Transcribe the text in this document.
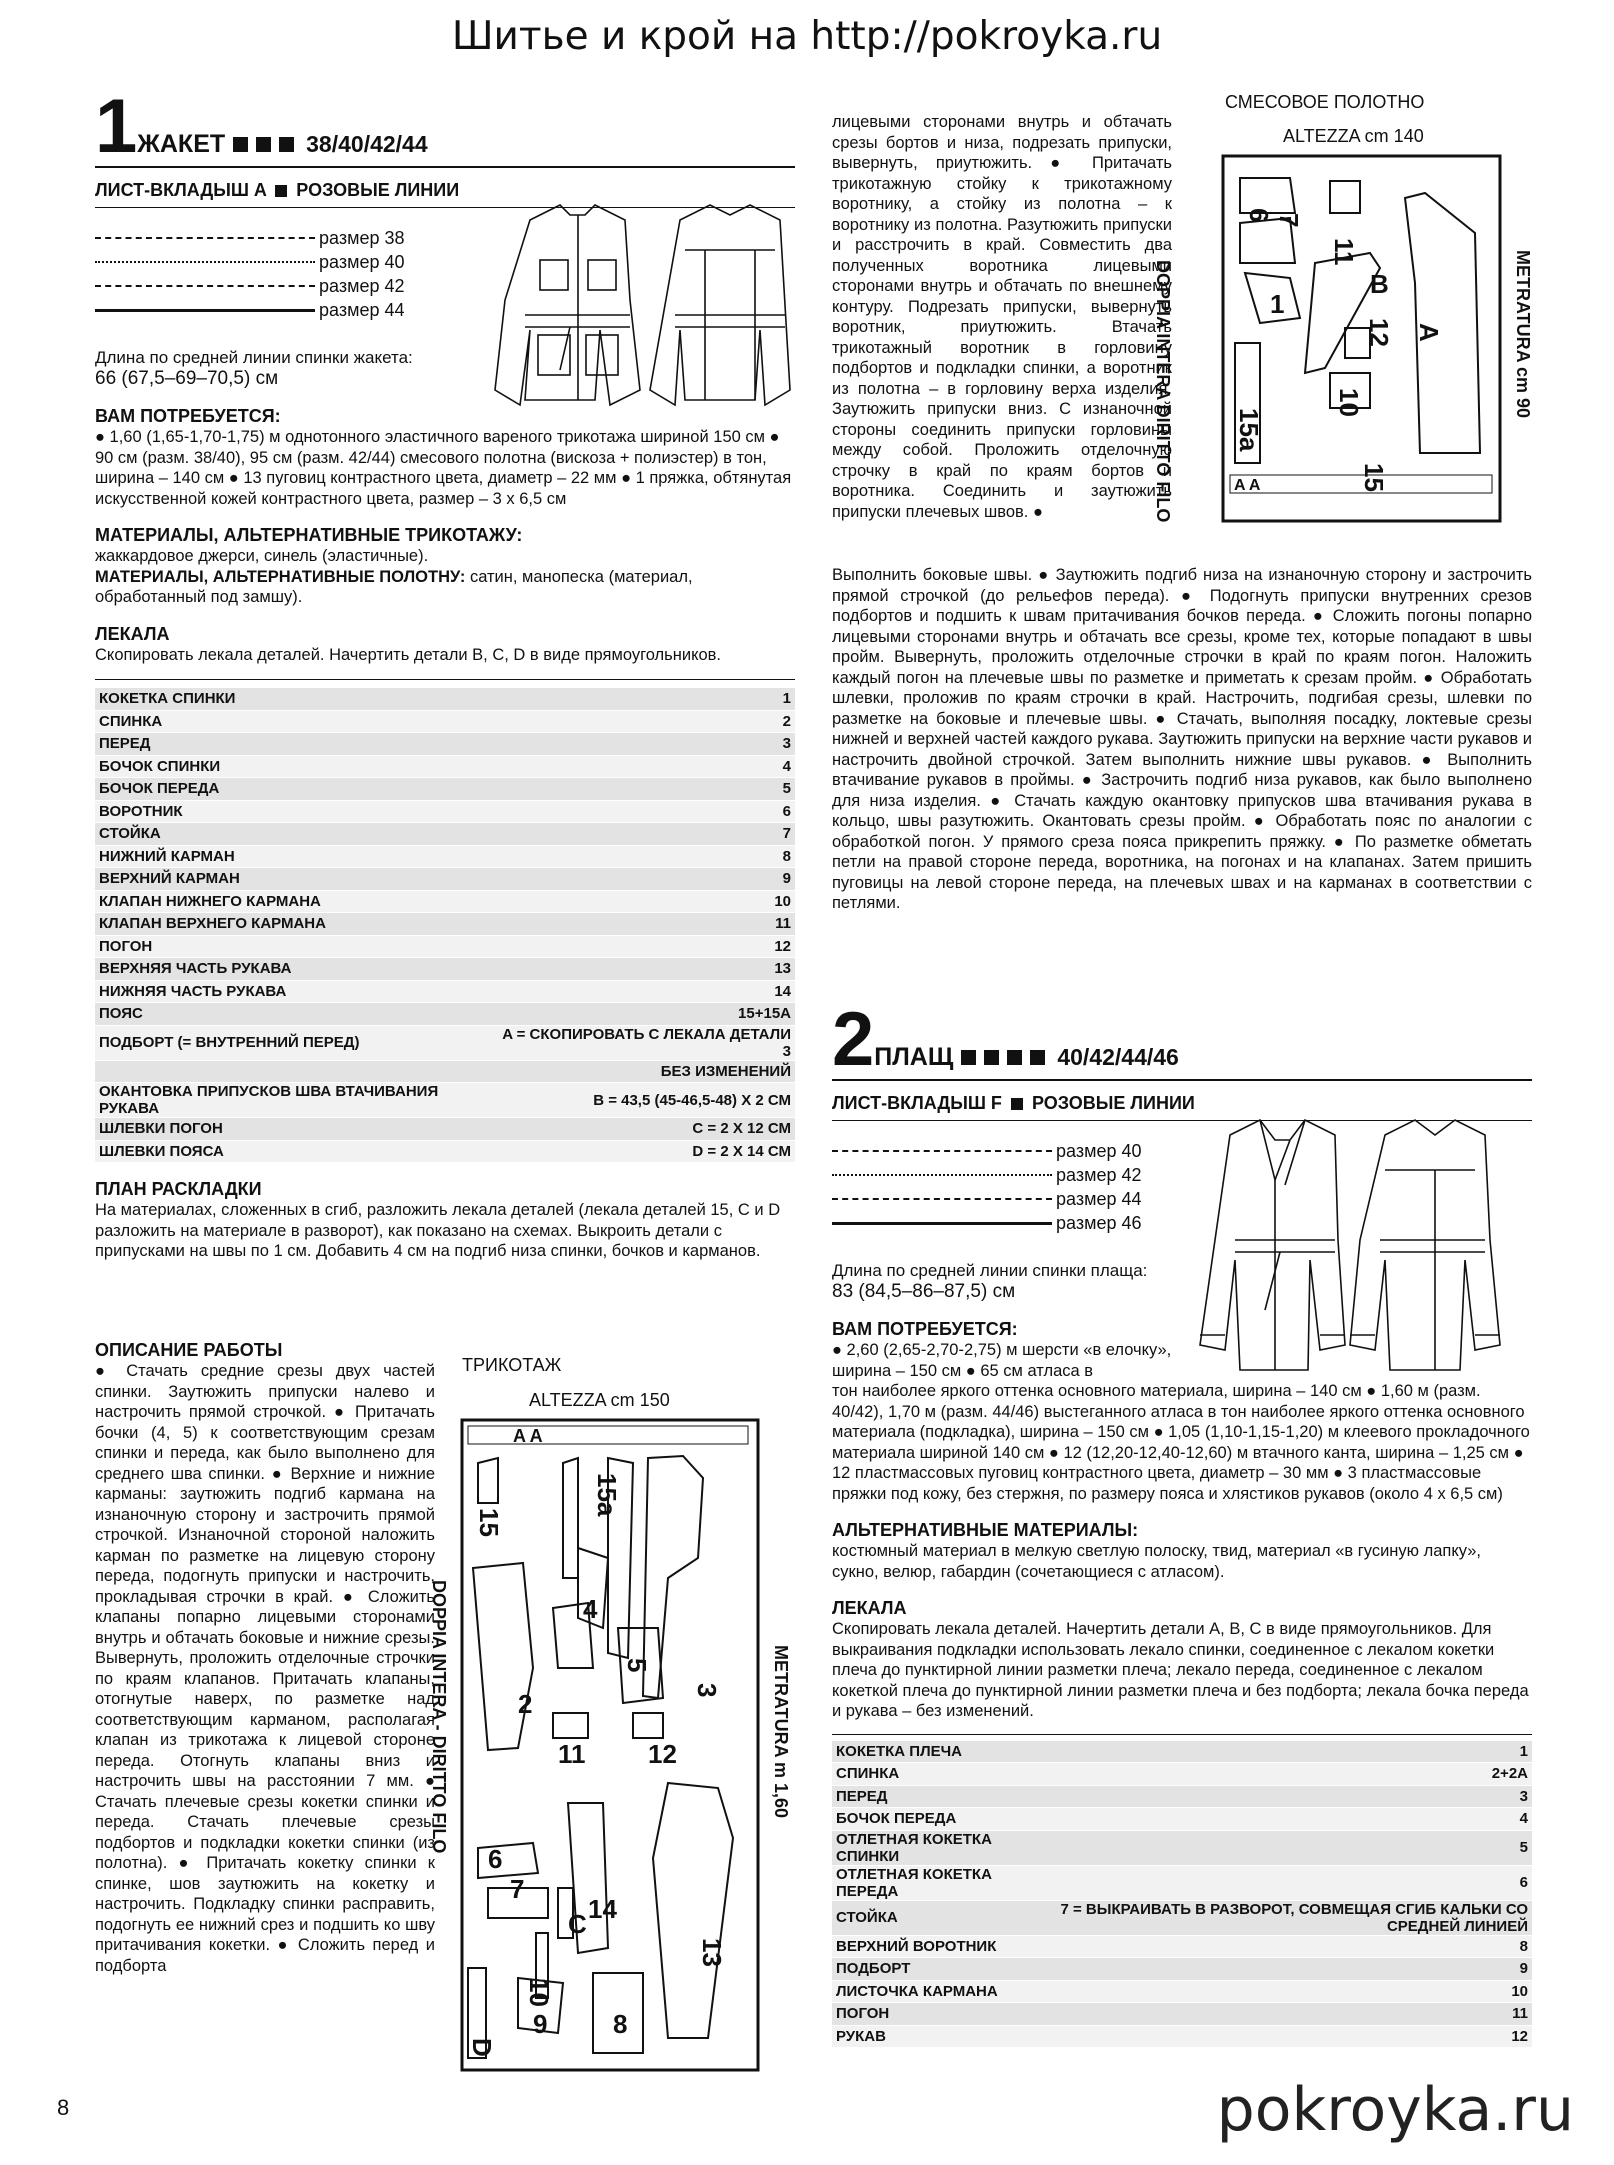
Шитье и крой на http://pokroyka.ru
1 ЖАКЕТ	38/40/42/44
ЛИСТ-ВКЛАДЫШ A РОЗОВЫЕ ЛИНИИ
размер 38
размер 40
размер 42
размер 44
Длина по средней линии спинки жакета:
66 (67,5–69–70,5) см
ВАМ ПОТРЕБУЕТСЯ:
● 1,60 (1,65-1,70-1,75) м однотонного эластичного вареного трикотажа шириной 150 см ● 90 см (разм. 38/40), 95 см (разм. 42/44) смесового полотна (вискоза + полиэстер) в тон, ширина – 140 см ● 13 пуговиц контрастного цвета, диаметр – 22 мм ● 1 пряжка, обтянутая искусственной кожей контрастного цвета, размер – 3 х 6,5 см
МАТЕРИАЛЫ, АЛЬТЕРНАТИВНЫЕ ТРИКОТАЖУ:
жаккардовое джерси, синель (эластичные).
МАТЕРИАЛЫ, АЛЬТЕРНАТИВНЫЕ ПОЛОТНУ: сатин, манопеска (материал, обработанный под замшу).
ЛЕКАЛА
Скопировать лекала деталей. Начертить детали B, C, D в виде прямоугольников.
КОКЕТКА СПИНКИ	1
СПИНКА	2
ПЕРЕД	3
БОЧОК СПИНКИ	4
БОЧОК ПЕРЕДА	5
ВОРОТНИК	6
СТОЙКА	7
НИЖНИЙ КАРМАН	8
ВЕРХНИЙ КАРМАН	9
КЛАПАН НИЖНЕГО КАРМАНА	10
КЛАПАН ВЕРХНЕГО КАРМАНА	11
ПОГОН	12
ВЕРХНЯЯ ЧАСТЬ РУКАВА	13
НИЖНЯЯ ЧАСТЬ РУКАВА	14
ПОЯС	15+15A
ПОДБОРТ (= ВНУТРЕННИЙ ПЕРЕД)	A = СКОПИРОВАТЬ С ЛЕКАЛА ДЕТАЛИ 3
	БЕЗ ИЗМЕНЕНИЙ
ОКАНТОВКА ПРИПУСКОВ ШВА ВТАЧИВАНИЯ РУКАВА	B = 43,5 (45-46,5-48) X 2 СМ
ШЛЕВКИ ПОГОН	C = 2 X 12 СМ
ШЛЕВКИ ПОЯСА	D = 2 X 14 СМ
ПЛАН РАСКЛАДКИ
На материалах, сложенных в сгиб, разложить лекала деталей (лекала деталей 15, C и D разложить на материале в разворот), как показано на схемах. Выкроить детали с припусками на швы по 1 см. Добавить 4 см на подгиб низа спинки, бочков и карманов.
ОПИСАНИЕ РАБОТЫ
● Стачать средние срезы двух частей спинки. Заутюжить припуски налево и настрочить прямой строчкой. ● Притачать бочки (4, 5) к соответствующим срезам спинки и переда, как было выполнено для среднего шва спинки. ● Верхние и нижние карманы: заутюжить подгиб кармана на изнаночную сторону и застрочить прямой строчкой. Изнаночной стороной наложить карман по разметке на лицевую сторону переда, подогнуть припуски и настрочить, прокладывая строчки в край. ● Сложить клапаны попарно лицевыми сторонами внутрь и обтачать боковые и нижние срезы. Вывернуть, проложить отделочные строчки по краям клапанов. Притачать клапаны, отогнутые наверх, по разметке над соответствующим карманом, располагая клапан из трикотажа к лицевой стороне переда. Отогнуть клапаны вниз и настрочить швы на расстоянии 7 мм. ● Стачать плечевые срезы кокетки спинки и переда. Стачать плечевые срезы подбортов и подкладки кокетки спинки (из полотна). ● Притачать кокетку спинки к спинке, шов заутюжить на кокетку и настрочить. Подкладку спинки расправить, подогнуть ее нижний срез и подшить ко шву притачивания кокетки. ● Сложить перед и подборта
ТРИКОТАЖ
ALTEZZA cm 150
DOPPIA INTERA - DIRITTO FILO	METRATURA m 1,60
15
15a
4
5
2	3
11 12
14
13
6
7
10
8
9
C
D
A A
лицевыми сторонами внутрь и обтачать срезы бортов и низа, подрезать припуски, вывернуть, приутюжить. ● Притачать трикотажную стойку к трикотажному воротнику, а стойку из полотна – к воротнику из полотна. Разутюжить припуски и расстрочить в край. Совместить два полученных воротника лицевыми сторонами внутрь и обтачать по внешнему контуру. Подрезать припуски, вывернуть воротник, приутюжить. Втачать трикотажный воротник в горловину подбортов и подкладки спинки, а воротник из полотна – в горловину верха изделия. Заутюжить припуски вниз. С изнаночной стороны соединить припуски горловины между собой. Проложить отделочную строчку в край по краям бортов и воротника. Соединить и заутюжить припуски плечевых швов. ●
СМЕСОВОЕ ПОЛОТНО
ALTEZZA cm 140
DOPPIA INTERA DIRITTO FILO	METRATURA cm 90
6 7
11
1
A
B
12
10
15a
15
A A
Выполнить боковые швы. ● Заутюжить подгиб низа на изнаночную сторону и застрочить прямой строчкой (до рельефов переда). ● Подогнуть припуски внутренних срезов подбортов и подшить к швам притачивания бочков переда. ● Сложить погоны попарно лицевыми сторонами внутрь и обтачать все срезы, кроме тех, которые попадают в швы пройм. Вывернуть, проложить отделочные строчки в край по краям погон. Наложить каждый погон на плечевые швы по разметке и приметать к срезам пройм. ● Обработать шлевки, проложив по краям строчки в край. Настрочить, подгибая срезы, шлевки по разметке на боковые и плечевые швы. ● Стачать, выполняя посадку, локтевые срезы нижней и верхней частей каждого рукава. Заутюжить припуски на верхние части рукавов и настрочить двойной строчкой. Затем выполнить нижние швы рукавов. ● Выполнить втачивание рукавов в проймы. ● Застрочить подгиб низа рукавов, как было выполнено для низа изделия. ● Стачать каждую окантовку припусков шва втачивания рукава в кольцо, швы разутюжить. Окантовать срезы пройм. ● Обработать пояс по аналогии с обработкой погон. У прямого среза пояса прикрепить пряжку. ● По разметке обметать петли на правой стороне переда, воротника, на погонах и на клапанах. Затем пришить пуговицы на левой стороне переда, на плечевых швах и на карманах в соответствии с петлями.
2 ПЛАЩ	40/42/44/46
ЛИСТ-ВКЛАДЫШ F РОЗОВЫЕ ЛИНИИ
размер 40
размер 42
размер 44
размер 46
Длина по средней линии спинки плаща:
83 (84,5–86–87,5) см
ВАМ ПОТРЕБУЕТСЯ:
● 2,60 (2,65-2,70-2,75) м шерсти «в елочку», ширина – 150 см ● 65 см атласа в
тон наиболее яркого оттенка основного материала, ширина – 140 см ● 1,60 м (разм. 40/42), 1,70 м (разм. 44/46) выстеганного атласа в тон наиболее яркого оттенка основного материала (подкладка), ширина – 150 см ● 1,05 (1,10-1,15-1,20) м клеевого прокладочного материала шириной 140 см ● 12 (12,20-12,40-12,60) м втачного канта, ширина – 1,25 см ● 12 пластмассовых пуговиц контрастного цвета, диаметр – 30 мм ● 3 пластмассовые пряжки под кожу, без стержня, по размеру пояса и хлястиков рукавов (около 4 х 6,5 см)
АЛЬТЕРНАТИВНЫЕ МАТЕРИАЛЫ:
костюмный материал в мелкую светлую полоску, твид, материал «в гусиную лапку», сукно, велюр, габардин (сочетающиеся с атласом).
ЛЕКАЛА
Скопировать лекала деталей. Начертить детали A, B, C в виде прямоугольников. Для выкраивания подкладки использовать лекало спинки, соединенное с лекалом кокетки плеча до пунктирной линии разметки плеча; лекало переда, соединенное с лекалом кокеткой плеча до пунктирной линии разметки плеча и без подборта; лекала бочка переда и рукава – без изменений.
КОКЕТКА ПЛЕЧА	1
СПИНКА	2+2A
ПЕРЕД	3
БОЧОК ПЕРЕДА	4
ОТЛЕТНАЯ КОКЕТКА СПИНКИ	5
ОТЛЕТНАЯ КОКЕТКА ПЕРЕДА	6
СТОЙКА	7 = ВЫКРАИВАТЬ В РАЗВОРОТ, СОВМЕЩАЯ СГИБ КАЛЬКИ СО СРЕДНЕЙ ЛИНИЕЙ
ВЕРХНИЙ ВОРОТНИК	8
ПОДБОРТ	9
ЛИСТОЧКА КАРМАНА	10
ПОГОН	11
РУКАВ	12
8	pokroyka.ru
